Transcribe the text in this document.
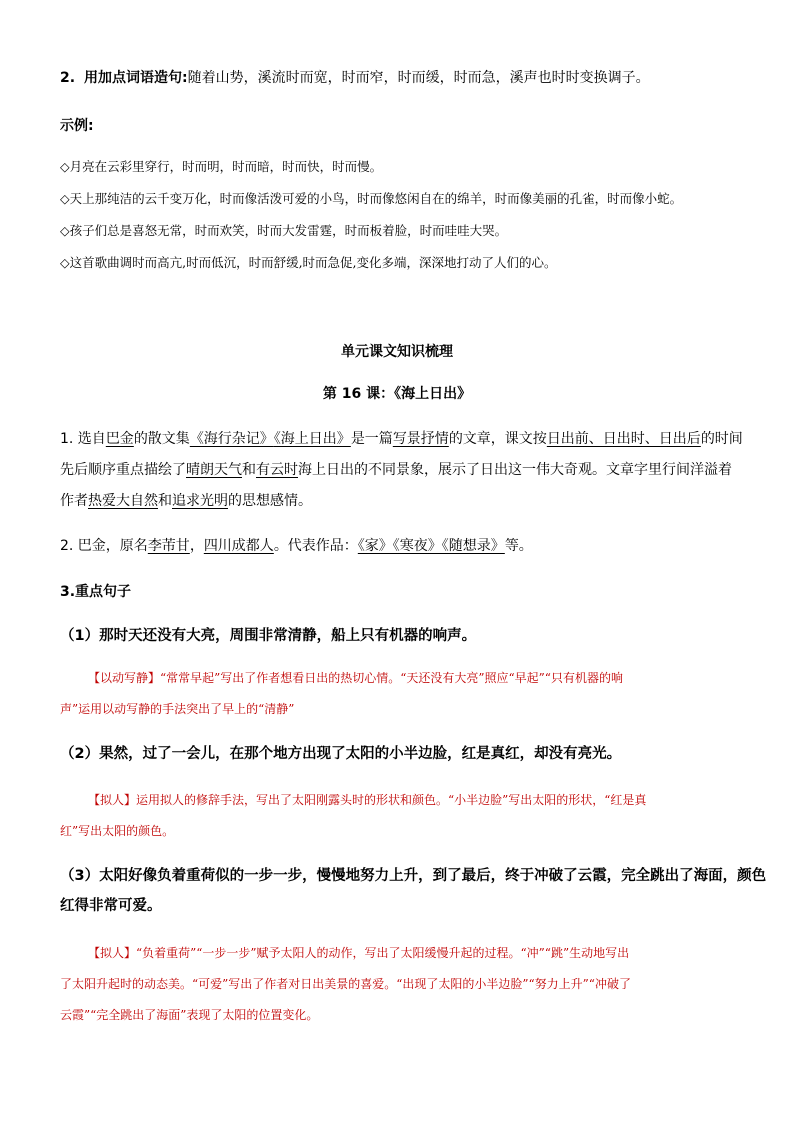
2. 用加点词语造句:随着山势，溪流时而宽，时而窄，时而缓，时而急，溪声也时时变换调子。
示例:
◇月亮在云彩里穿行，时而明，时而暗，时而快，时而慢。
◇天上那纯洁的云千变万化，时而像活泼可爱的小鸟，时而像悠闲自在的绵羊，时而像美丽的孔雀，时而像小蛇。
◇孩子们总是喜怒无常，时而欢笑，时而大发雷霆，时而板着脸，时而哇哇大哭。
◇这首歌曲调时而高亢,时而低沉，时而舒缓,时而急促,变化多端，深深地打动了人们的心。
单元课文知识梳理
第 16 课：《海上日出》
1. 选自巴金的散文集《海行杂记》《海上日出》是一篇写景抒情的文章，课文按日出前、日出时、日出后的时间先后顺序重点描绘了晴朗天气和有云时海上日出的不同景象，展示了日出这一伟大奇观。文章字里行间洋溢着作者热爱大自然和追求光明的思想感情。
2. 巴金，原名李芾甘，四川成都人。代表作品：《家》《寒夜》《随想录》等。
3.重点句子
（1）那时天还没有大亮，周围非常清静，船上只有机器的响声。
【以动写静】“常常早起”写出了作者想看日出的热切心情。“天还没有大亮”照应“早起”“只有机器的响
声”运用以动写静的手法突出了早上的“清静”
（2）果然，过了一会儿，在那个地方出现了太阳的小半边脸，红是真红，却没有亮光。
【拟人】运用拟人的修辞手法，写出了太阳刚露头时的形状和颜色。“小半边脸”写出太阳的形状，“红是真
红”写出太阳的颜色。
（3）太阳好像负着重荷似的一步一步，慢慢地努力上升，到了最后，终于冲破了云霞，完全跳出了海面，颜色
红得非常可爱。
【拟人】“负着重荷”“一步一步”赋予太阳人的动作，写出了太阳缓慢升起的过程。“冲”“跳”生动地写出
了太阳升起时的动态美。“可爱”写出了作者对日出美景的喜爱。“出现了太阳的小半边脸”“努力上升”“冲破了
云霞”“完全跳出了海面”表现了太阳的位置变化。
